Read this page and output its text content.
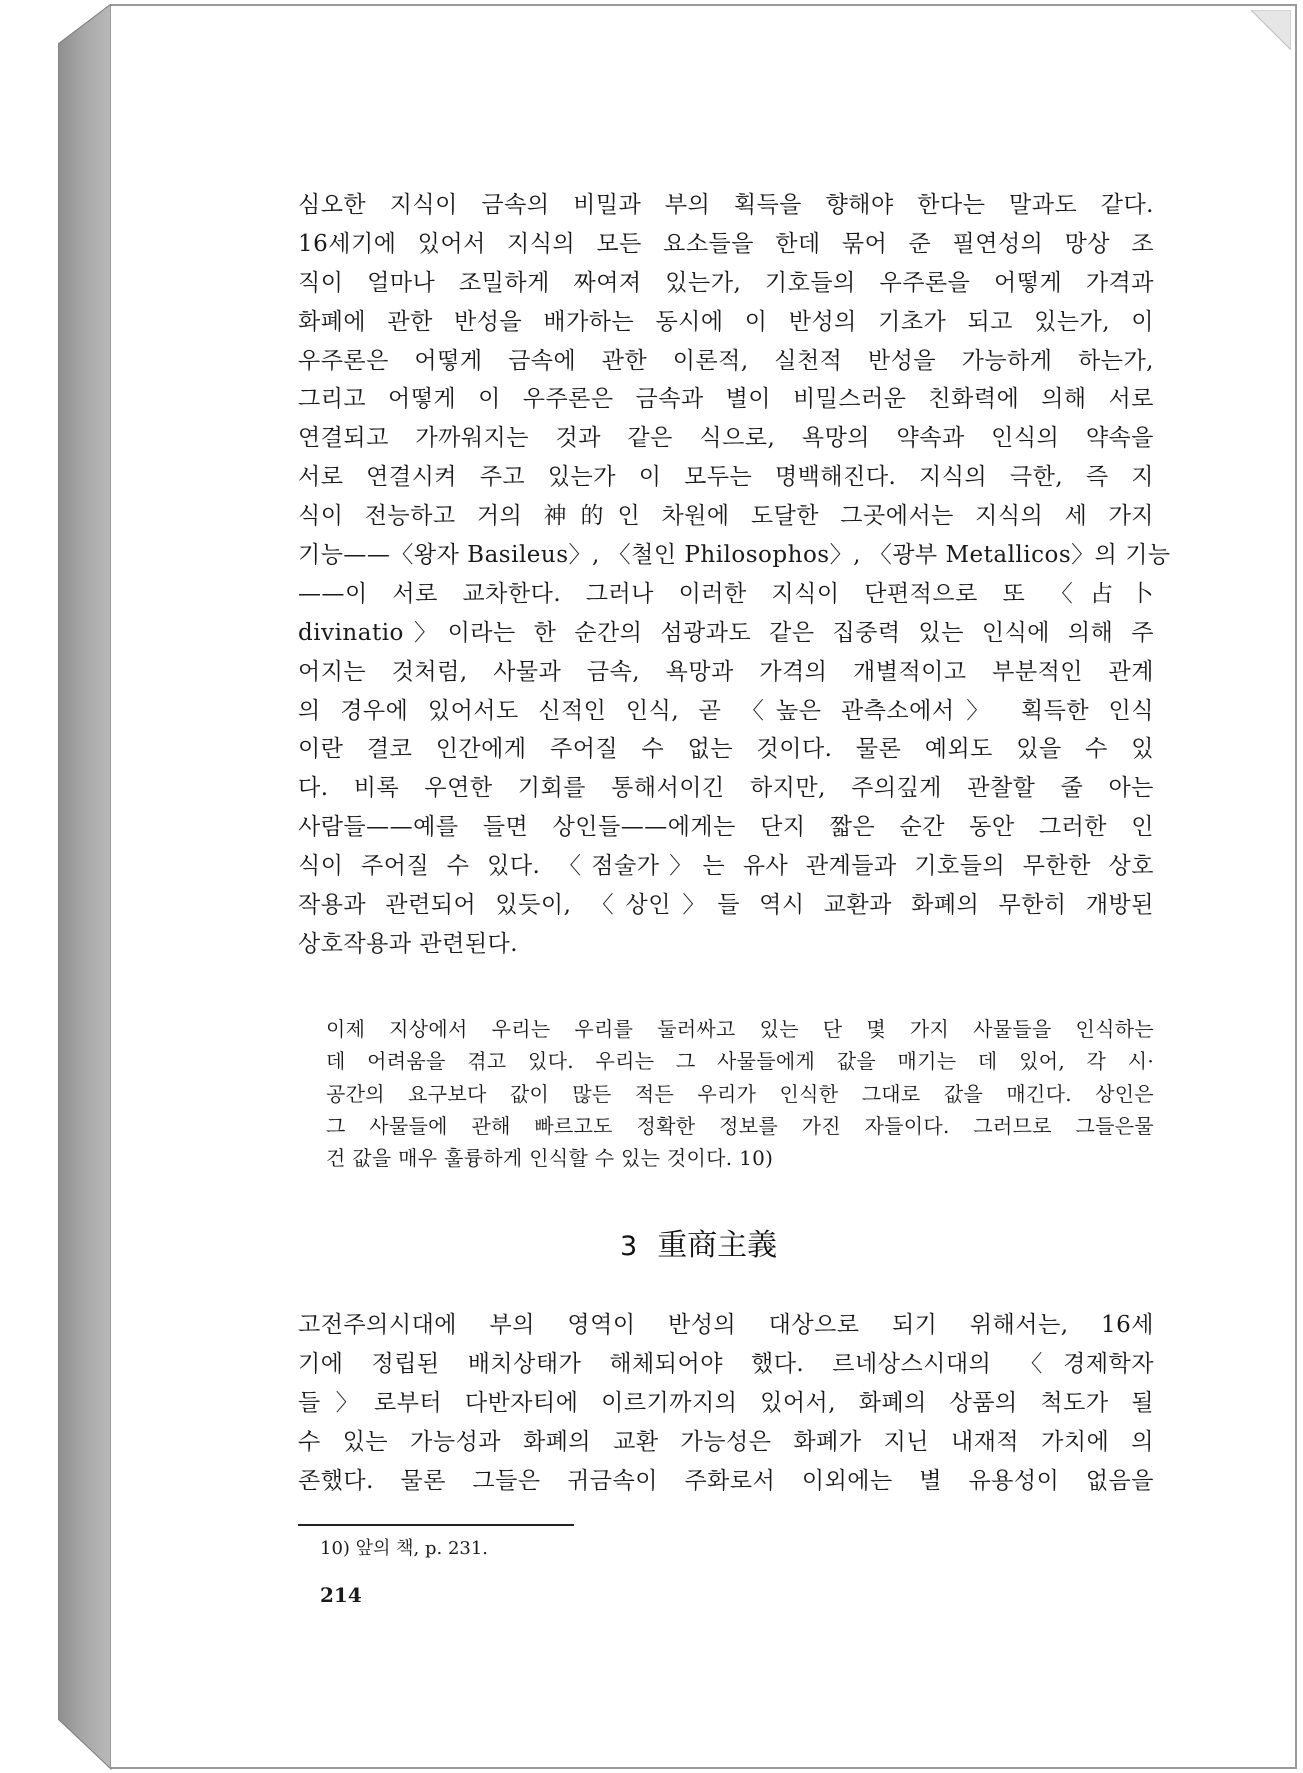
심오한 지식이 금속의 비밀과 부의 획득을 향해야 한다는 말과도 같다.
16세기에 있어서 지식의 모든 요소들을 한데 묶어 준 필연성의 망상 조
직이 얼마나 조밀하게 짜여져 있는가, 기호들의 우주론을 어떻게 가격과
화폐에 관한 반성을 배가하는 동시에 이 반성의 기초가 되고 있는가, 이
우주론은 어떻게 금속에 관한 이론적, 실천적 반성을 가능하게 하는가,
그리고 어떻게 이 우주론은 금속과 별이 비밀스러운 친화력에 의해 서로
연결되고 가까워지는 것과 같은 식으로, 욕망의 약속과 인식의 약속을
서로 연결시켜 주고 있는가 이 모두는 명백해진다. 지식의 극한, 즉 지
식이 전능하고 거의 神的인 차원에 도달한 그곳에서는 지식의 세 가지
기능——〈왕자 Basileus〉, 〈철인 Philosophos〉, 〈광부 Metallicos〉의 기능
——이 서로 교차한다. 그러나 이러한 지식이 단편적으로 또 〈占卜
divinatio〉이라는 한 순간의 섬광과도 같은 집중력 있는 인식에 의해 주
어지는 것처럼, 사물과 금속, 욕망과 가격의 개별적이고 부분적인 관계
의 경우에 있어서도 신적인 인식, 곧 〈높은 관측소에서〉 획득한 인식
이란 결코 인간에게 주어질 수 없는 것이다. 물론 예외도 있을 수 있
다. 비록 우연한 기회를 통해서이긴 하지만, 주의깊게 관찰할 줄 아는
사람들——예를 들면 상인들——에게는 단지 짧은 순간 동안 그러한 인
식이 주어질 수 있다. 〈점술가〉는 유사 관계들과 기호들의 무한한 상호
작용과 관련되어 있듯이, 〈상인〉들 역시 교환과 화폐의 무한히 개방된
상호작용과 관련된다.
이제 지상에서 우리는 우리를 둘러싸고 있는 단 몇 가지 사물들을 인식하는
데 어려움을 겪고 있다. 우리는 그 사물들에게 값을 매기는 데 있어, 각 시·
공간의 요구보다 값이 많든 적든 우리가 인식한 그대로 값을 매긴다. 상인은
그 사물들에 관해 빠르고도 정확한 정보를 가진 자들이다. 그러므로 그들은물
건 값을 매우 훌륭하게 인식할 수 있는 것이다. 10)
3 重商主義
고전주의시대에 부의 영역이 반성의 대상으로 되기 위해서는, 16세
기에 정립된 배치상태가 해체되어야 했다. 르네상스시대의 〈경제학자
들〉로부터 다반자티에 이르기까지의 있어서, 화폐의 상품의 척도가 될
수 있는 가능성과 화폐의 교환 가능성은 화폐가 지닌 내재적 가치에 의
존했다. 물론 그들은 귀금속이 주화로서 이외에는 별 유용성이 없음을
10) 앞의 책, p. 231.
214
